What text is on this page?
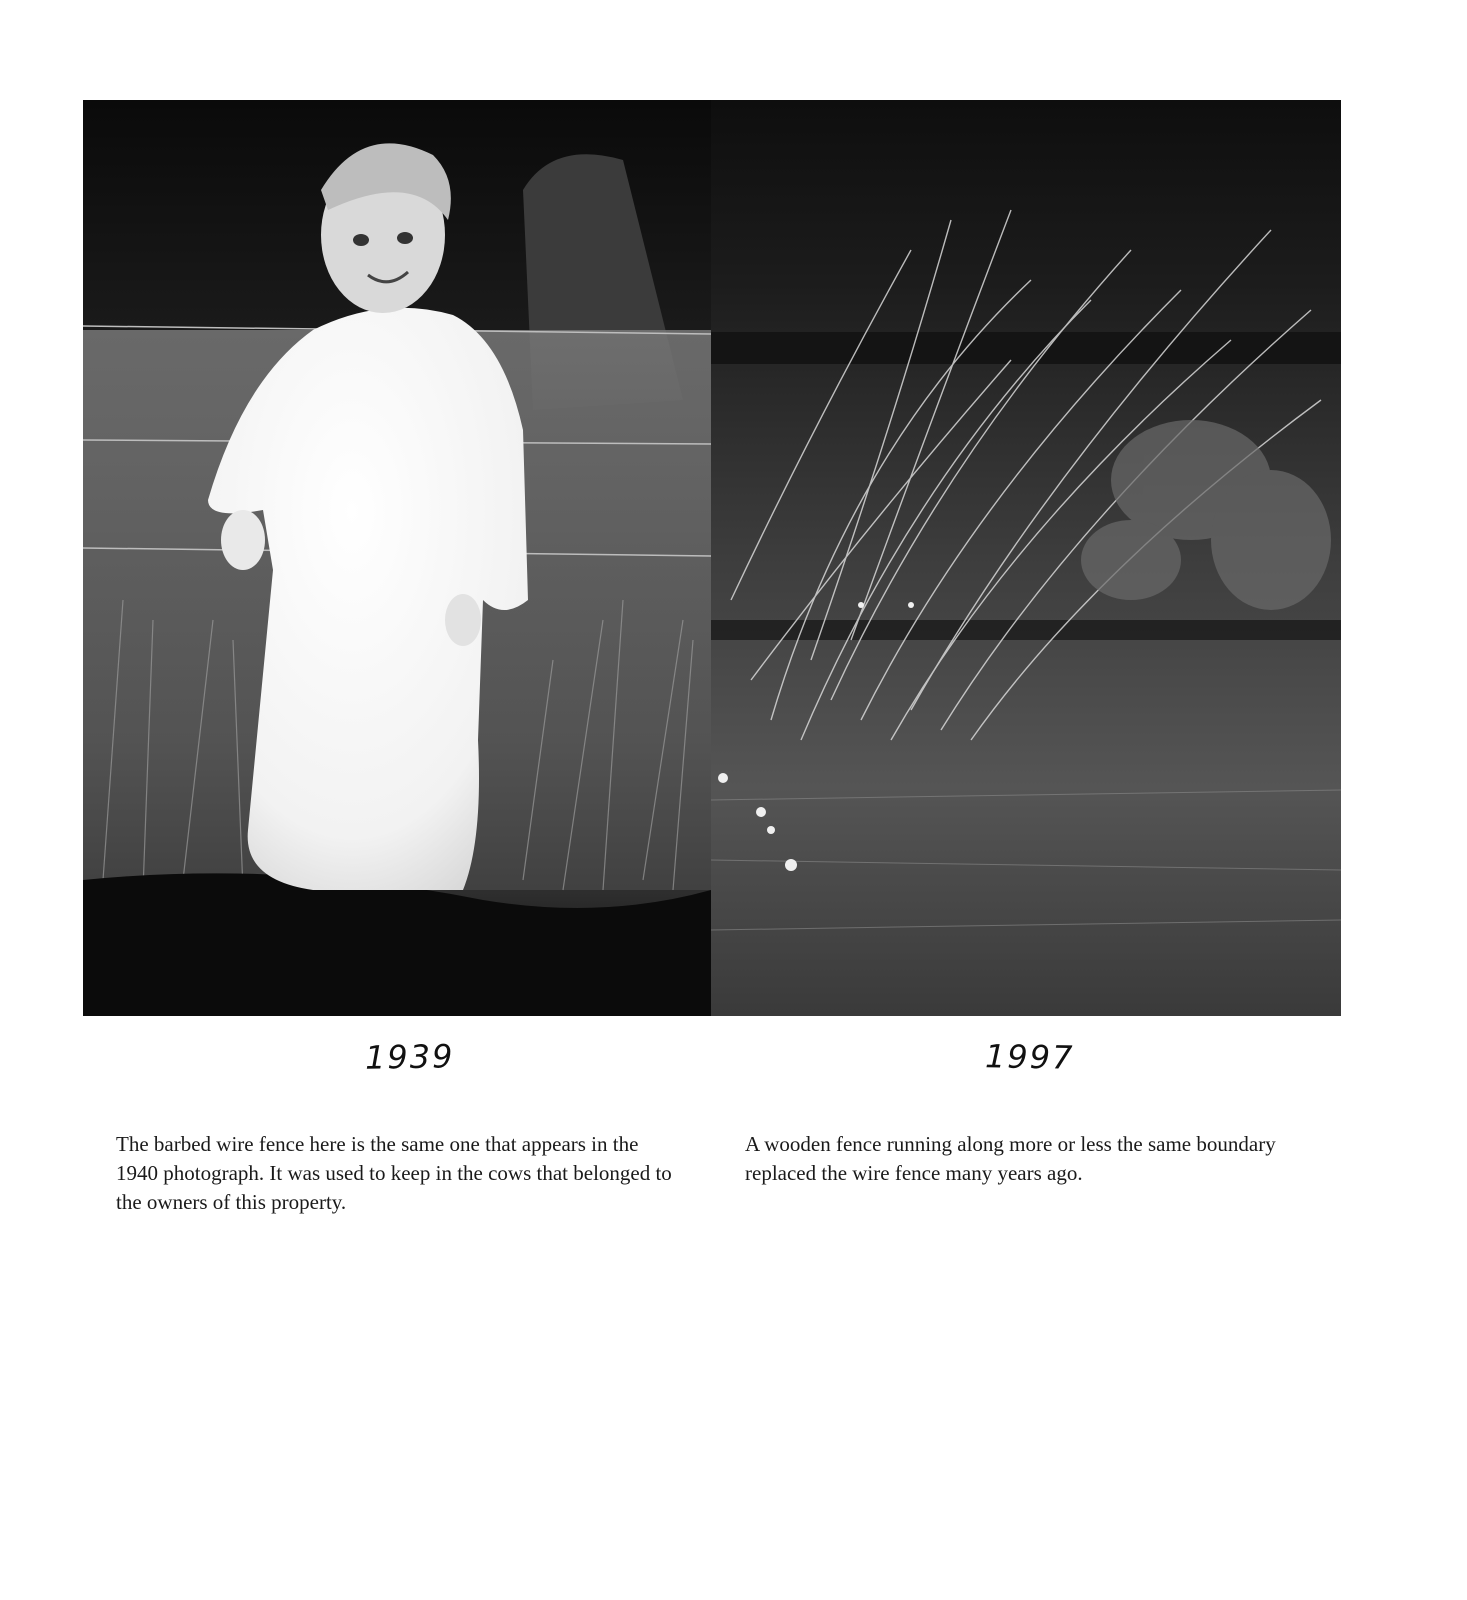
1939	1997
The barbed wire fence here is the same one that appears in the 1940 photograph. It was used to keep in the cows that belonged to the owners of this property.
A wooden fence running along more or less the same boundary replaced the wire fence many years ago.
